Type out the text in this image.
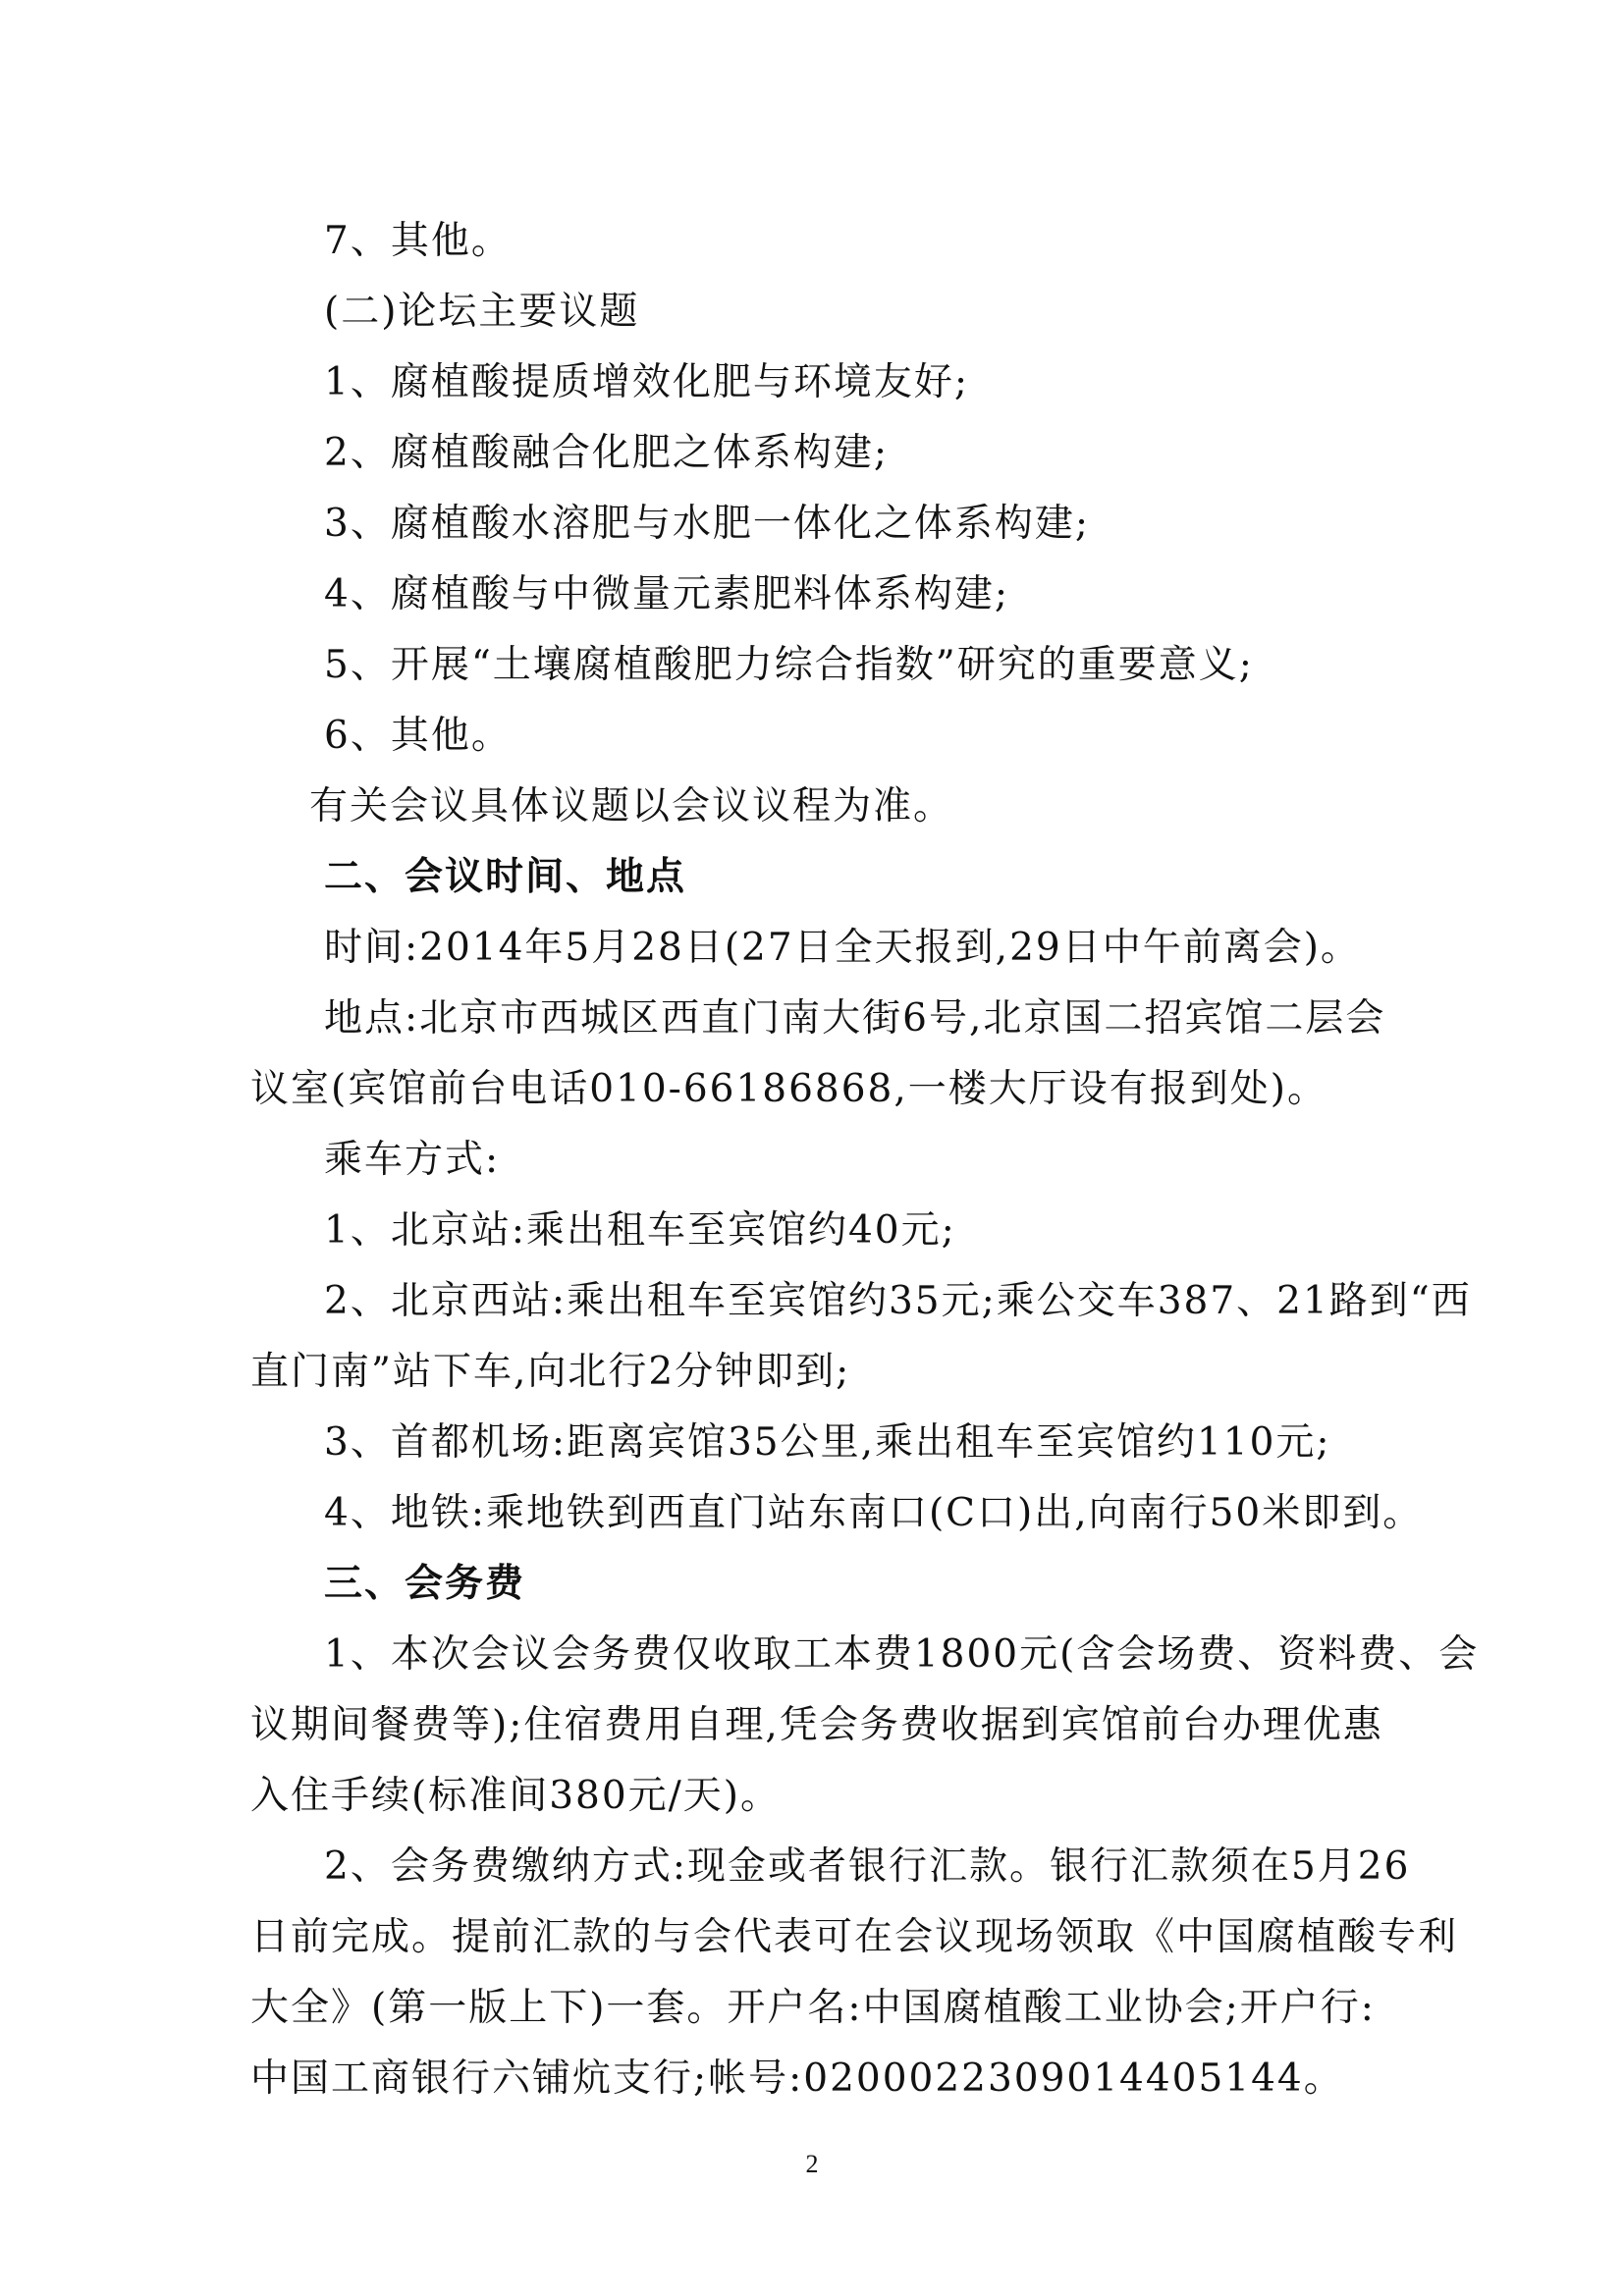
7、其他。

(二)论坛主要议题

1、腐植酸提质增效化肥与环境友好;

2、腐植酸融合化肥之体系构建;

3、腐植酸水溶肥与水肥一体化之体系构建;

4、腐植酸与中微量元素肥料体系构建;

5、开展“土壤腐植酸肥力综合指数”研究的重要意义;

6、其他。

有关会议具体议题以会议议程为准。

二、会议时间、地点

时间:2014年5月28日(27日全天报到,29日中午前离会)。

地点:北京市西城区西直门南大街6号,北京国二招宾馆二层会

议室(宾馆前台电话010-66186868,一楼大厅设有报到处)。

乘车方式:

1、北京站:乘出租车至宾馆约40元;

2、北京西站:乘出租车至宾馆约35元;乘公交车387、21路到“西

直门南”站下车,向北行2分钟即到;

3、首都机场:距离宾馆35公里,乘出租车至宾馆约110元;

4、地铁:乘地铁到西直门站东南口(C口)出,向南行50米即到。

三、会务费

1、本次会议会务费仅收取工本费1800元(含会场费、资料费、会

议期间餐费等);住宿费用自理,凭会务费收据到宾馆前台办理优惠

入住手续(标准间380元/天)。

2、会务费缴纳方式:现金或者银行汇款。银行汇款须在5月26

日前完成。提前汇款的与会代表可在会议现场领取《中国腐植酸专利

大全》(第一版上下)一套。开户名:中国腐植酸工业协会;开户行:

中国工商银行六铺炕支行;帐号:0200022309014405144。

2
